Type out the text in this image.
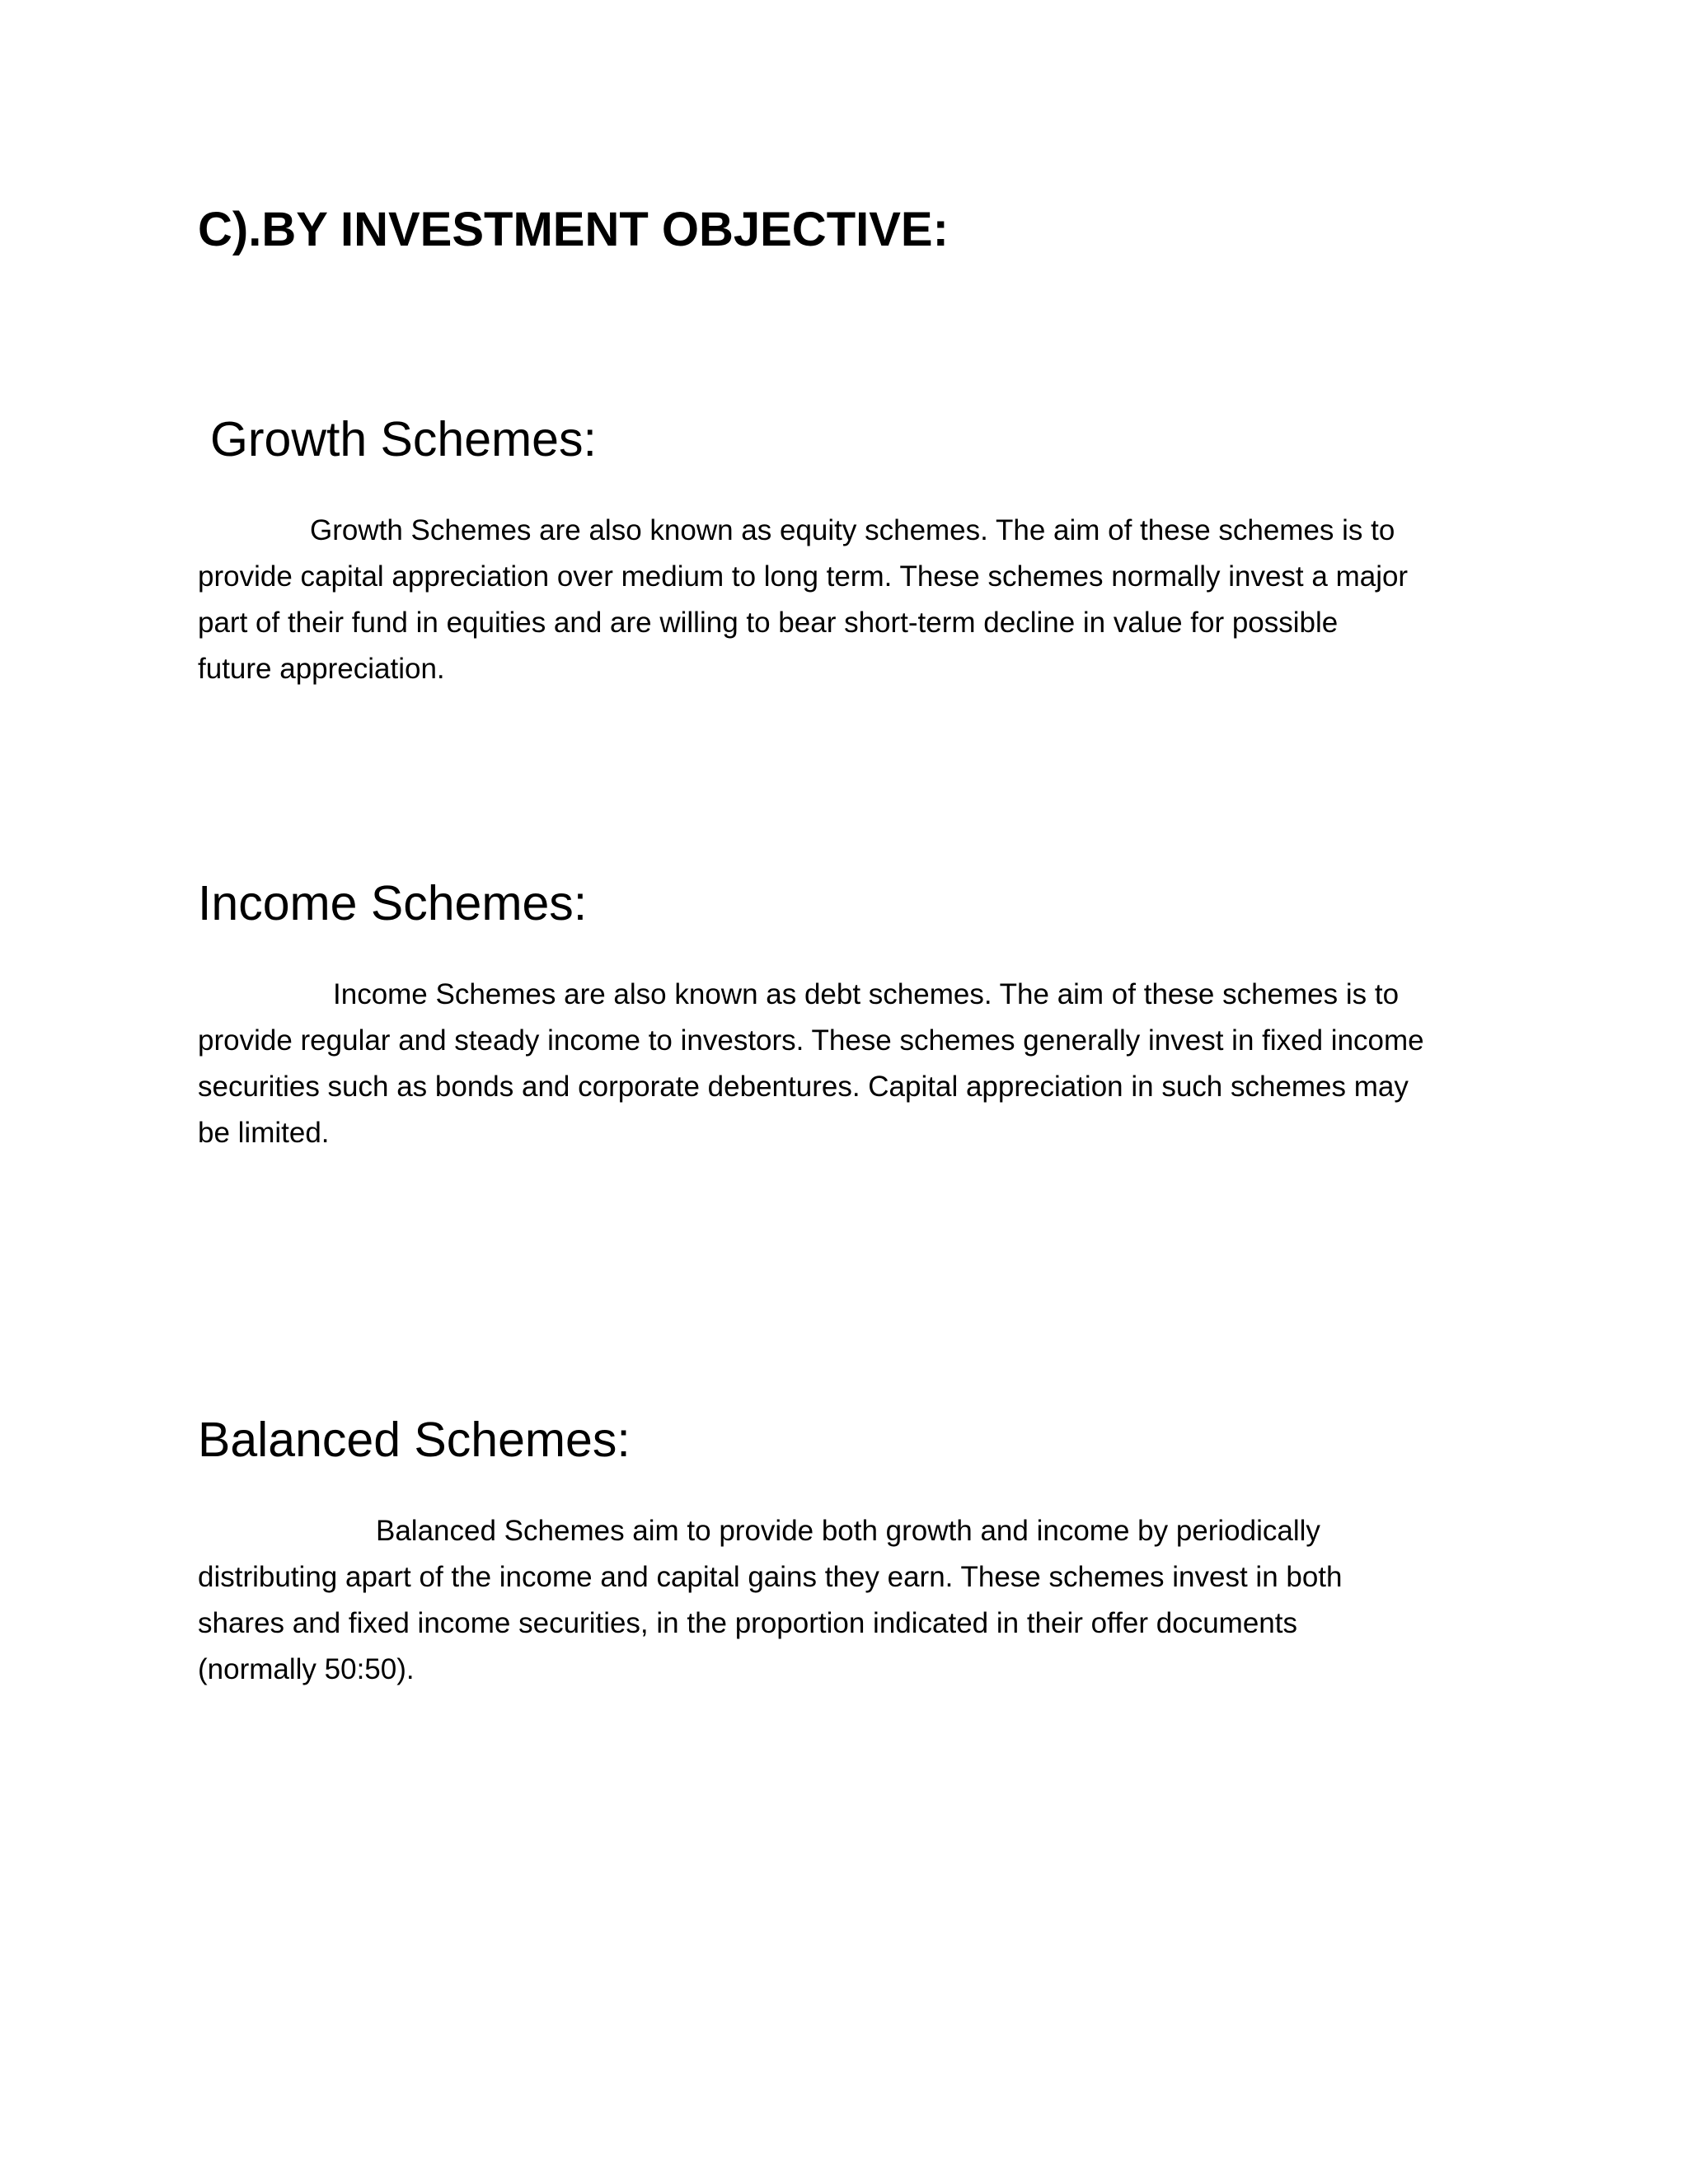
C).BY INVESTMENT OBJECTIVE:
Growth Schemes:

Growth Schemes are also known as equity schemes. The aim of these schemes is to

provide capital appreciation over medium to long term. These schemes normally invest a major

part of their fund in equities and are willing to bear short-term decline in value for possible

future appreciation.

Income Schemes:

Income Schemes are also known as debt schemes. The aim of these schemes is to

provide regular and steady income to investors. These schemes generally invest in fixed income

securities such as bonds and corporate debentures. Capital appreciation in such schemes may

be limited.

Balanced Schemes:

Balanced Schemes aim to provide both growth and income by periodically

distributing apart of the income and capital gains they earn. These schemes invest in both

shares and fixed income securities, in the proportion indicated in their offer documents

(normally 50:50).
